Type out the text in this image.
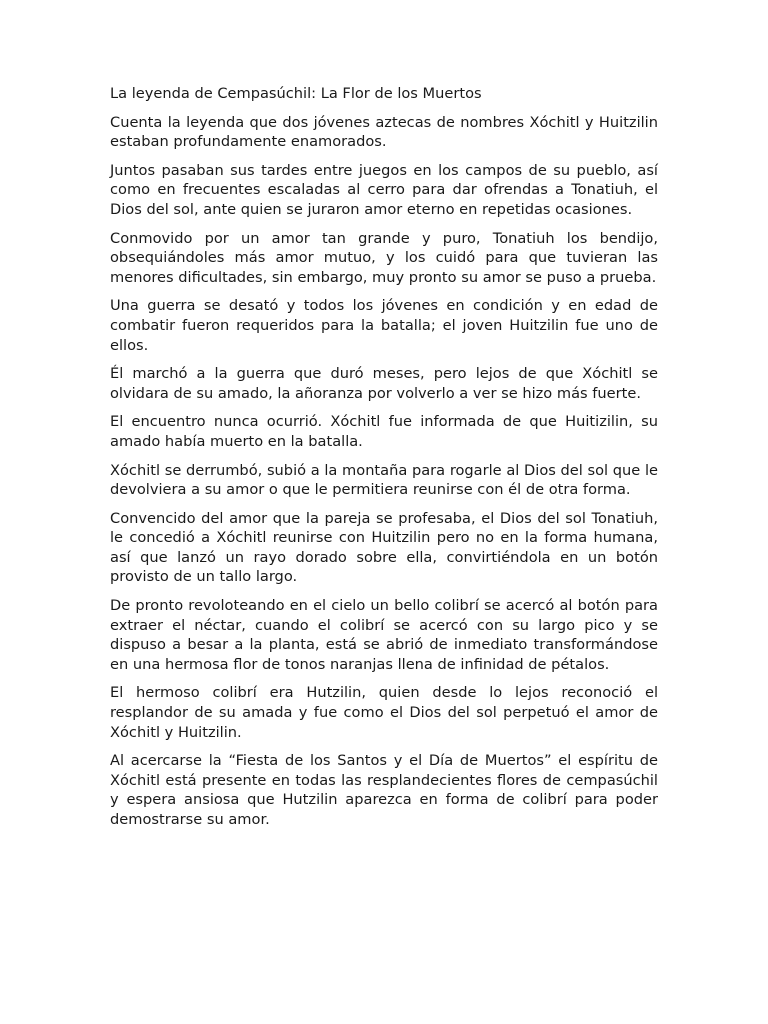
La leyenda de Cempasúchil: La Flor de los Muertos

Cuenta la leyenda que dos jóvenes aztecas de nombres Xóchitl y Huitzilin estaban profundamente enamorados.

Juntos pasaban sus tardes entre juegos en los campos de su pueblo, así como en frecuentes escaladas al cerro para dar ofrendas a Tonatiuh, el Dios del sol, ante quien se juraron amor eterno en repetidas ocasiones.

Conmovido por un amor tan grande y puro, Tonatiuh los bendijo, obsequiándoles más amor mutuo, y los cuidó para que tuvieran las menores dificultades, sin embargo, muy pronto su amor se puso a prueba.

Una guerra se desató y todos los jóvenes en condición y en edad de combatir fueron requeridos para la batalla; el joven Huitzilin fue uno de ellos.

Él marchó a la guerra que duró meses, pero lejos de que Xóchitl se olvidara de su amado, la añoranza por volverlo a ver se hizo más fuerte.

El encuentro nunca ocurrió. Xóchitl fue informada de que Huitizilin, su amado había muerto en la batalla.

Xóchitl se derrumbó, subió a la montaña para rogarle al Dios del sol que le devolviera a su amor o que le permitiera reunirse con él de otra forma.

Convencido del amor que la pareja se profesaba, el Dios del sol Tonatiuh, le concedió a Xóchitl reunirse con Huitzilin pero no en la forma humana, así que lanzó un rayo dorado sobre ella, convirtiéndola en un botón provisto de un tallo largo.

De pronto revoloteando en el cielo un bello colibrí se acercó al botón para extraer el néctar, cuando el colibrí se acercó con su largo pico y se dispuso a besar a la planta, está se abrió de inmediato transformándose en una hermosa flor de tonos naranjas llena de infinidad de pétalos.

El hermoso colibrí era Hutzilin, quien desde lo lejos reconoció el resplandor de su amada y fue como el Dios del sol perpetuó el amor de Xóchitl y Huitzilin.

Al acercarse la “Fiesta de los Santos y el Día de Muertos” el espíritu de Xóchitl está presente en todas las resplandecientes flores de cempasúchil y espera ansiosa que Hutzilin aparezca en forma de colibrí para poder demostrarse su amor.
